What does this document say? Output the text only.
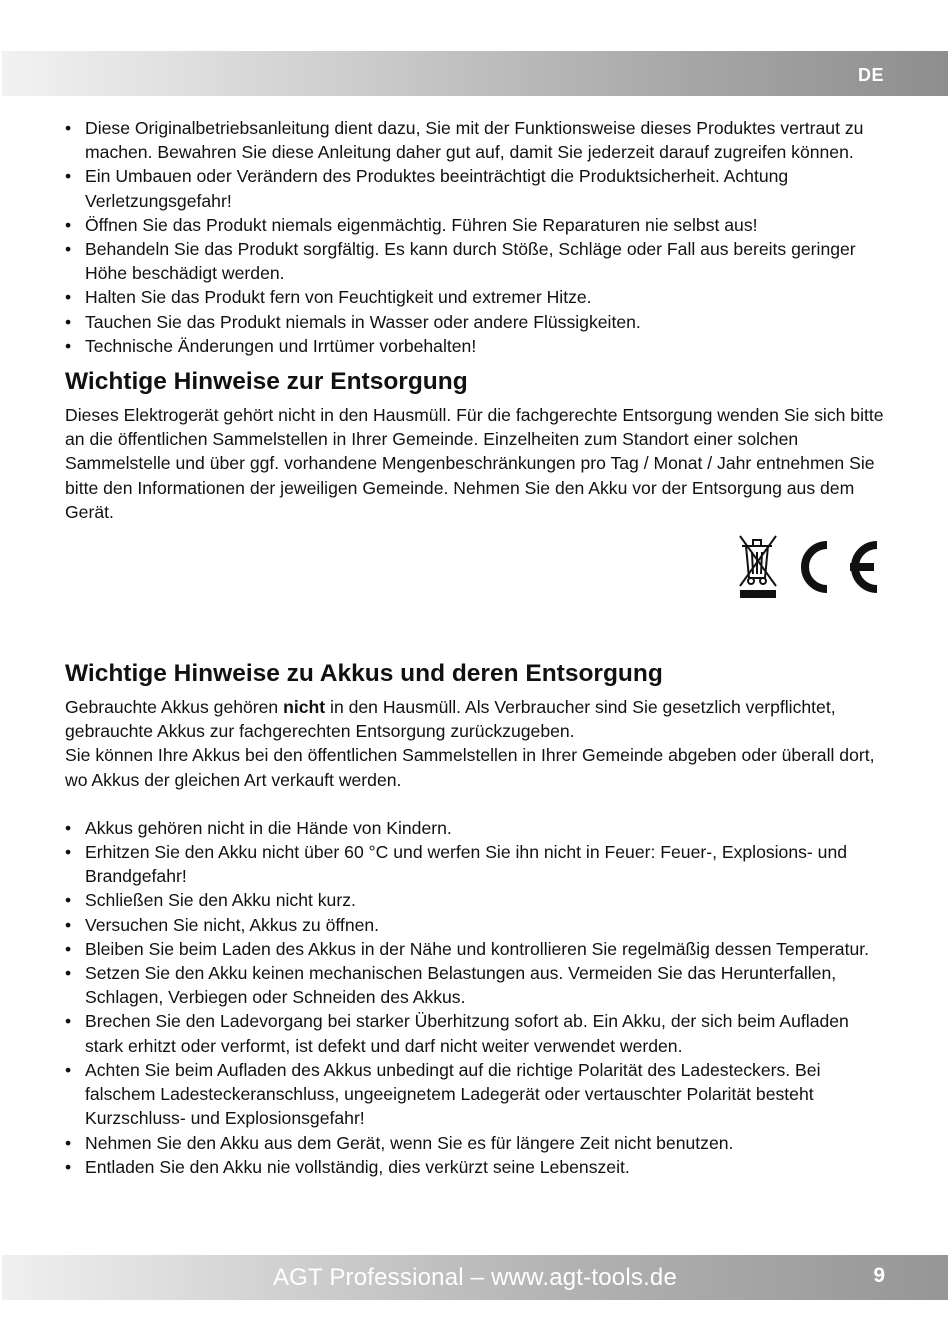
DE
• Diese Originalbetriebsanleitung dient dazu, Sie mit der Funktionsweise dieses Produktes vertraut zu machen. Bewahren Sie diese Anleitung daher gut auf, damit Sie jederzeit darauf zugreifen können.
• Ein Umbauen oder Verändern des Produktes beeinträchtigt die Produktsicherheit. Achtung Verletzungsgefahr!
• Öffnen Sie das Produkt niemals eigenmächtig. Führen Sie Reparaturen nie selbst aus!
• Behandeln Sie das Produkt sorgfältig. Es kann durch Stöße, Schläge oder Fall aus bereits geringer Höhe beschädigt werden.
• Halten Sie das Produkt fern von Feuchtigkeit und extremer Hitze.
• Tauchen Sie das Produkt niemals in Wasser oder andere Flüssigkeiten.
• Technische Änderungen und Irrtümer vorbehalten!
Wichtige Hinweise zur Entsorgung

Dieses Elektrogerät gehört nicht in den Hausmüll. Für die fachgerechte Entsorgung wenden Sie sich bitte an die öffentlichen Sammelstellen in Ihrer Gemeinde. Einzelheiten zum Standort einer solchen Sammelstelle und über ggf. vorhandene Mengenbeschränkungen pro Tag / Monat / Jahr entnehmen Sie bitte den Informationen der jeweiligen Gemeinde. Nehmen Sie den Akku vor der Entsorgung aus dem Gerät.

Wichtige Hinweise zu Akkus und deren Entsorgung

Gebrauchte Akkus gehören nicht in den Hausmüll. Als Verbraucher sind Sie gesetzlich verpflichtet, gebrauchte Akkus zur fachgerechten Entsorgung zurückzugeben.

Sie können Ihre Akkus bei den öffentlichen Sammelstellen in Ihrer Gemeinde abgeben oder überall dort, wo Akkus der gleichen Art verkauft werden.

• Akkus gehören nicht in die Hände von Kindern.
• Erhitzen Sie den Akku nicht über 60 °C und werfen Sie ihn nicht in Feuer: Feuer-, Explosions- und Brandgefahr!
• Schließen Sie den Akku nicht kurz.
• Versuchen Sie nicht, Akkus zu öffnen.
• Bleiben Sie beim Laden des Akkus in der Nähe und kontrollieren Sie regelmäßig dessen Temperatur.
• Setzen Sie den Akku keinen mechanischen Belastungen aus. Vermeiden Sie das Herunterfallen, Schlagen, Verbiegen oder Schneiden des Akkus.
• Brechen Sie den Ladevorgang bei starker Überhitzung sofort ab. Ein Akku, der sich beim Aufladen stark erhitzt oder verformt, ist defekt und darf nicht weiter verwendet werden.
• Achten Sie beim Aufladen des Akkus unbedingt auf die richtige Polarität des Ladesteckers. Bei falschem Ladesteckeranschluss, ungeeignetem Ladegerät oder vertauschter Polarität besteht Kurzschluss- und Explosionsgefahr!
• Nehmen Sie den Akku aus dem Gerät, wenn Sie es für längere Zeit nicht benutzen.
• Entladen Sie den Akku nie vollständig, dies verkürzt seine Lebenszeit.
AGT Professional – www.agt-tools.de	9
